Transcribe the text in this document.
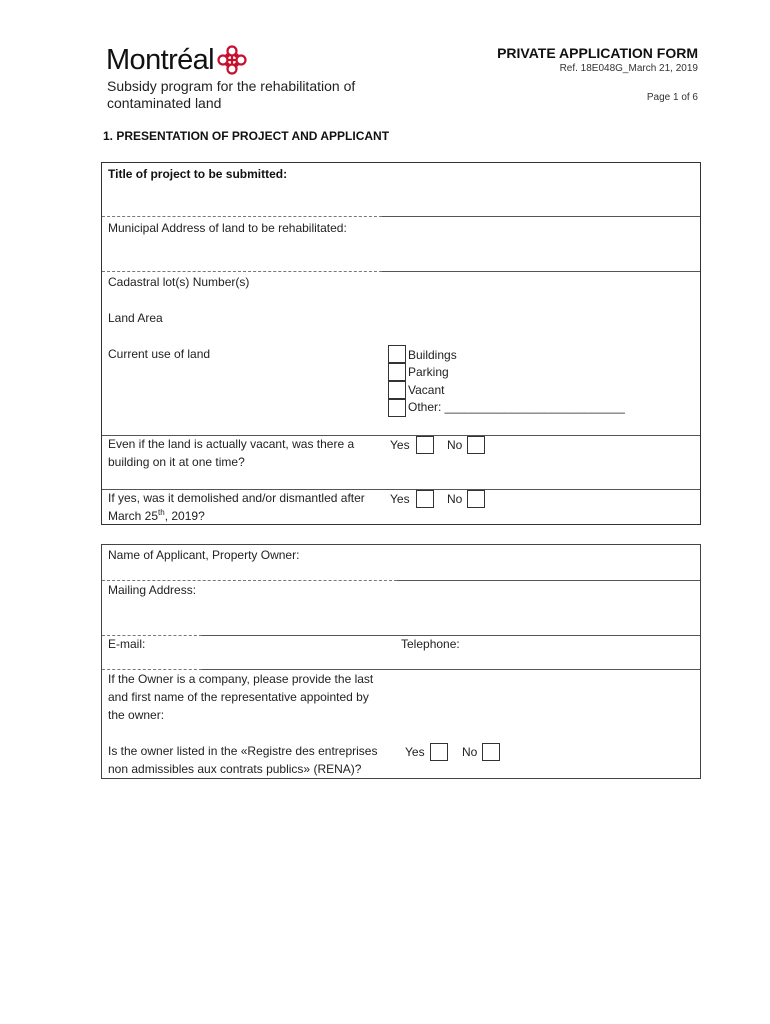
Montréal
Subsidy program for the rehabilitation of
contaminated land
PRIVATE APPLICATION FORM
Ref. 18E048G_March 21, 2019
Page 1 of 6
1. PRESENTATION OF PROJECT AND APPLICANT
Title of project to be submitted:
Municipal Address of land to be rehabilitated:
Cadastral lot(s) Number(s)
Land Area
Current use of land	Buildings
Parking
Vacant
Other: ___________________________
Even if the land is actually vacant, was there a
building on it at one time?
Yes	No
If yes, was it demolished and/or dismantled after
March 25th, 2019?
Yes	No
Name of Applicant, Property Owner:
Mailing Address:
E-mail:	Telephone:
If the Owner is a company, please provide the last
and first name of the representative appointed by
the owner:
Is the owner listed in the «Registre des entreprises
non admissibles aux contrats publics» (RENA)?
Yes	No
